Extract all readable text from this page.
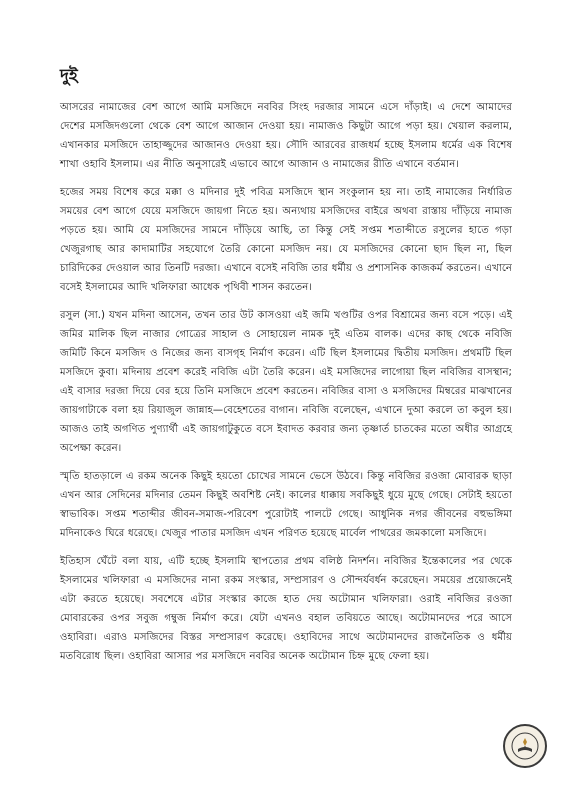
দুই

আসরের নামাজের বেশ আগে আমি মসজিদে নববির সিংহ দরজার সামনে এসে দাঁড়াই। এ দেশে আমাদের দেশের মসজিদগুলো থেকে বেশ আগে আজান দেওয়া হয়। নামাজও কিছুটা আগে পড়া হয়। খেয়াল করলাম, এখানকার মসজিদে তাহাজ্জুদের আজানও দেওয়া হয়। সৌদি আরবের রাজধর্ম হচ্ছে ইসলাম ধর্মের এক বিশেষ শাখা ওহাবি ইসলাম। এর নীতি অনুসারেই এভাবে আগে আজান ও নামাজের রীতি এখানে বর্তমান।

হজের সময় বিশেষ করে মক্কা ও মদিনার দুই পবিত্র মসজিদে স্থান সংকুলান হয় না। তাই নামাজের নির্ধারিত সময়ের বেশ আগে যেয়ে মসজিদে জায়গা নিতে হয়। অন্যথায় মসজিদের বাইরে অথবা রাস্তায় দাঁড়িয়ে নামাজ পড়তে হয়। আমি যে মসজিদের সামনে দাঁড়িয়ে আছি, তা কিন্তু সেই সপ্তম শতাব্দীতে রসুলের হাতে গড়া খেজুরগাছ আর কাদামাটির সহযোগে তৈরি কোনো মসজিদ নয়। যে মসজিদের কোনো ছাদ ছিল না, ছিল চারিদিকের দেওয়াল আর তিনটি দরজা। এখানে বসেই নবিজি তার ধর্মীয় ও প্রশাসনিক কাজকর্ম করতেন। এখানে বসেই ইসলামের আদি খলিফারা আধেক পৃথিবী শাসন করতেন।

রসুল (সা.) যখন মদিনা আসেন, তখন তার উট কাসওয়া এই জমি খণ্ডটির ওপর বিশ্রামের জন্য বসে পড়ে। এই জমির মালিক ছিল নাজার গোত্রের সাহাল ও সোহায়েল নামক দুই এতিম বালক। এদের কাছ থেকে নবিজি জমিটি কিনে মসজিদ ও নিজের জন্য বাসগৃহ নির্মাণ করেন। এটি ছিল ইসলামের দ্বিতীয় মসজিদ। প্রথমটি ছিল মসজিদে কুবা। মদিনায় প্রবেশ করেই নবিজি এটা তৈরি করেন। এই মসজিদের লাগোয়া ছিল নবিজির বাসস্থান; এই বাসার দরজা দিয়ে বের হয়ে তিনি মসজিদে প্রবেশ করতেন। নবিজির বাসা ও মসজিদের মিম্বরের মাঝখানের জায়গাটাকে বলা হয় রিয়াজুল জান্নাহ—বেহেশতের বাগান। নবিজি বলেছেন, এখানে দুআ করলে তা কবুল হয়। আজও তাই অগণিত পুণ্যার্থী এই জায়গাটুকুতে বসে ইবাদত করবার জন্য তৃষ্ণার্ত চাতকের মতো অধীর আগ্রহে অপেক্ষা করেন।

স্মৃতি হাতড়ালে এ রকম অনেক কিছুই হয়তো চোখের সামনে ভেসে উঠবে। কিন্তু নবিজির রওজা মোবারক ছাড়া এখন আর সেদিনের মদিনার তেমন কিছুই অবশিষ্ট নেই। কালের ধাক্কায় সবকিছুই ধুয়ে মুছে গেছে। সেটাই হয়তো স্বাভাবিক। সপ্তম শতাব্দীর জীবন-সমাজ-পরিবেশ পুরোটাই পালটে গেছে। আধুনিক নগর জীবনের বহুভঙ্গিমা মদিনাকেও ঘিরে ধরেছে। খেজুর পাতার মসজিদ এখন পরিণত হয়েছে মার্বেল পাথরের জমকালো মসজিদে।

ইতিহাস ঘেঁটে বলা যায়, এটি হচ্ছে ইসলামি স্থাপত্যের প্রথম বলিষ্ঠ নিদর্শন। নবিজির ইন্তেকালের পর থেকে ইসলামের খলিফারা এ মসজিদের নানা রকম সংস্কার, সম্প্রসারণ ও সৌন্দর্যবর্ধন করেছেন। সময়ের প্রয়োজনেই এটা করতে হয়েছে। সবশেষে এটার সংস্কার কাজে হাত দেয় অটোমান খলিফারা। ওরাই নবিজির রওজা মোবারকের ওপর সবুজ গম্বুজ নির্মাণ করে। যেটা এখনও বহাল তবিয়তে আছে। অটোমানদের পরে আসে ওহাবিরা। এরাও মসজিদের বিস্তর সম্প্রসারণ করেছে। ওহাবিদের সাথে অটোমানদের রাজনৈতিক ও ধর্মীয় মতবিরোধ ছিল। ওহাবিরা আসার পর মসজিদে নববির অনেক অটোমান চিহ্ন মুছে ফেলা হয়।
